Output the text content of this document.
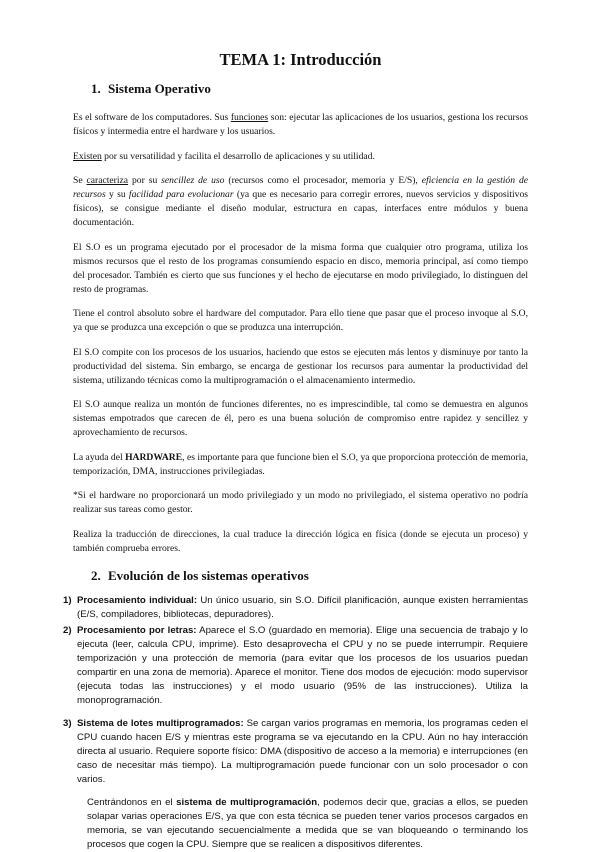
TEMA 1: Introducción
1. Sistema Operativo

Es el software de los computadores. Sus funciones son: ejecutar las aplicaciones de los usuarios, gestiona los recursos físicos y intermedia entre el hardware y los usuarios.

Existen por su versatilidad y facilita el desarrollo de aplicaciones y su utilidad.

Se caracteriza por su sencillez de uso (recursos como el procesador, memoria y E/S), eficiencia en la gestión de recursos y su facilidad para evolucionar (ya que es necesario para corregir errores, nuevos servicios y dispositivos físicos), se consigue mediante el diseño modular, estructura en capas, interfaces entre módulos y buena documentación.

El S.O es un programa ejecutado por el procesador de la misma forma que cualquier otro programa, utiliza los mismos recursos que el resto de los programas consumiendo espacio en disco, memoria principal, así como tiempo del procesador. También es cierto que sus funciones y el hecho de ejecutarse en modo privilegiado, lo distinguen del resto de programas.

Tiene el control absoluto sobre el hardware del computador. Para ello tiene que pasar que el proceso invoque al S.O, ya que se produzca una excepción o que se produzca una interrupción.

El S.O compite con los procesos de los usuarios, haciendo que estos se ejecuten más lentos y disminuye por tanto la productividad del sistema. Sin embargo, se encarga de gestionar los recursos para aumentar la productividad del sistema, utilizando técnicas como la multiprogramación o el almacenamiento intermedio.

El S.O aunque realiza un montón de funciones diferentes, no es imprescindible, tal como se demuestra en algunos sistemas empotrados que carecen de él, pero es una buena solución de compromiso entre rapidez y sencillez y aprovechamiento de recursos.

La ayuda del HARDWARE, es importante para que funcione bien el S.O, ya que proporciona protección de memoria, temporización, DMA, instrucciones privilegiadas.

*Si el hardware no proporcionará un modo privilegiado y un modo no privilegiado, el sistema operativo no podría realizar sus tareas como gestor.

Realiza la traducción de direcciones, la cual traduce la dirección lógica en física (donde se ejecuta un proceso) y también comprueba errores.

2. Evolución de los sistemas operativos
1) Procesamiento individual: Un único usuario, sin S.O. Difícil planificación, aunque existen herramientas (E/S, compiladores, bibliotecas, depuradores).
2) Procesamiento por letras: Aparece el S.O (guardado en memoria). Elige una secuencia de trabajo y lo ejecuta (leer, calcula CPU, imprime). Esto desaprovecha el CPU y no se puede interrumpir. Requiere temporización y una protección de memoria (para evitar que los procesos de los usuarios puedan compartir en una zona de memoria). Aparece el monitor. Tiene dos modos de ejecución: modo supervisor (ejecuta todas las instrucciones) y el modo usuario (95% de las instrucciones). Utiliza la monoprogramación.
3) Sistema de lotes multiprogramados: Se cargan varios programas en memoria, los programas ceden el CPU cuando hacen E/S y mientras este programa se va ejecutando en la CPU. Aún no hay interacción directa al usuario. Requiere soporte físico: DMA (dispositivo de acceso a la memoria) e interrupciones (en caso de necesitar más tiempo). La multiprogramación puede funcionar con un solo procesador o con varios.

Centrándonos en el sistema de multiprogramación, podemos decir que, gracias a ellos, se pueden solapar varias operaciones E/S, ya que con esta técnica se pueden tener varios procesos cargados en memoria, se van ejecutando secuencialmente a medida que se van bloqueando o terminando los procesos que cogen la CPU. Siempre que se realicen a dispositivos diferentes.
